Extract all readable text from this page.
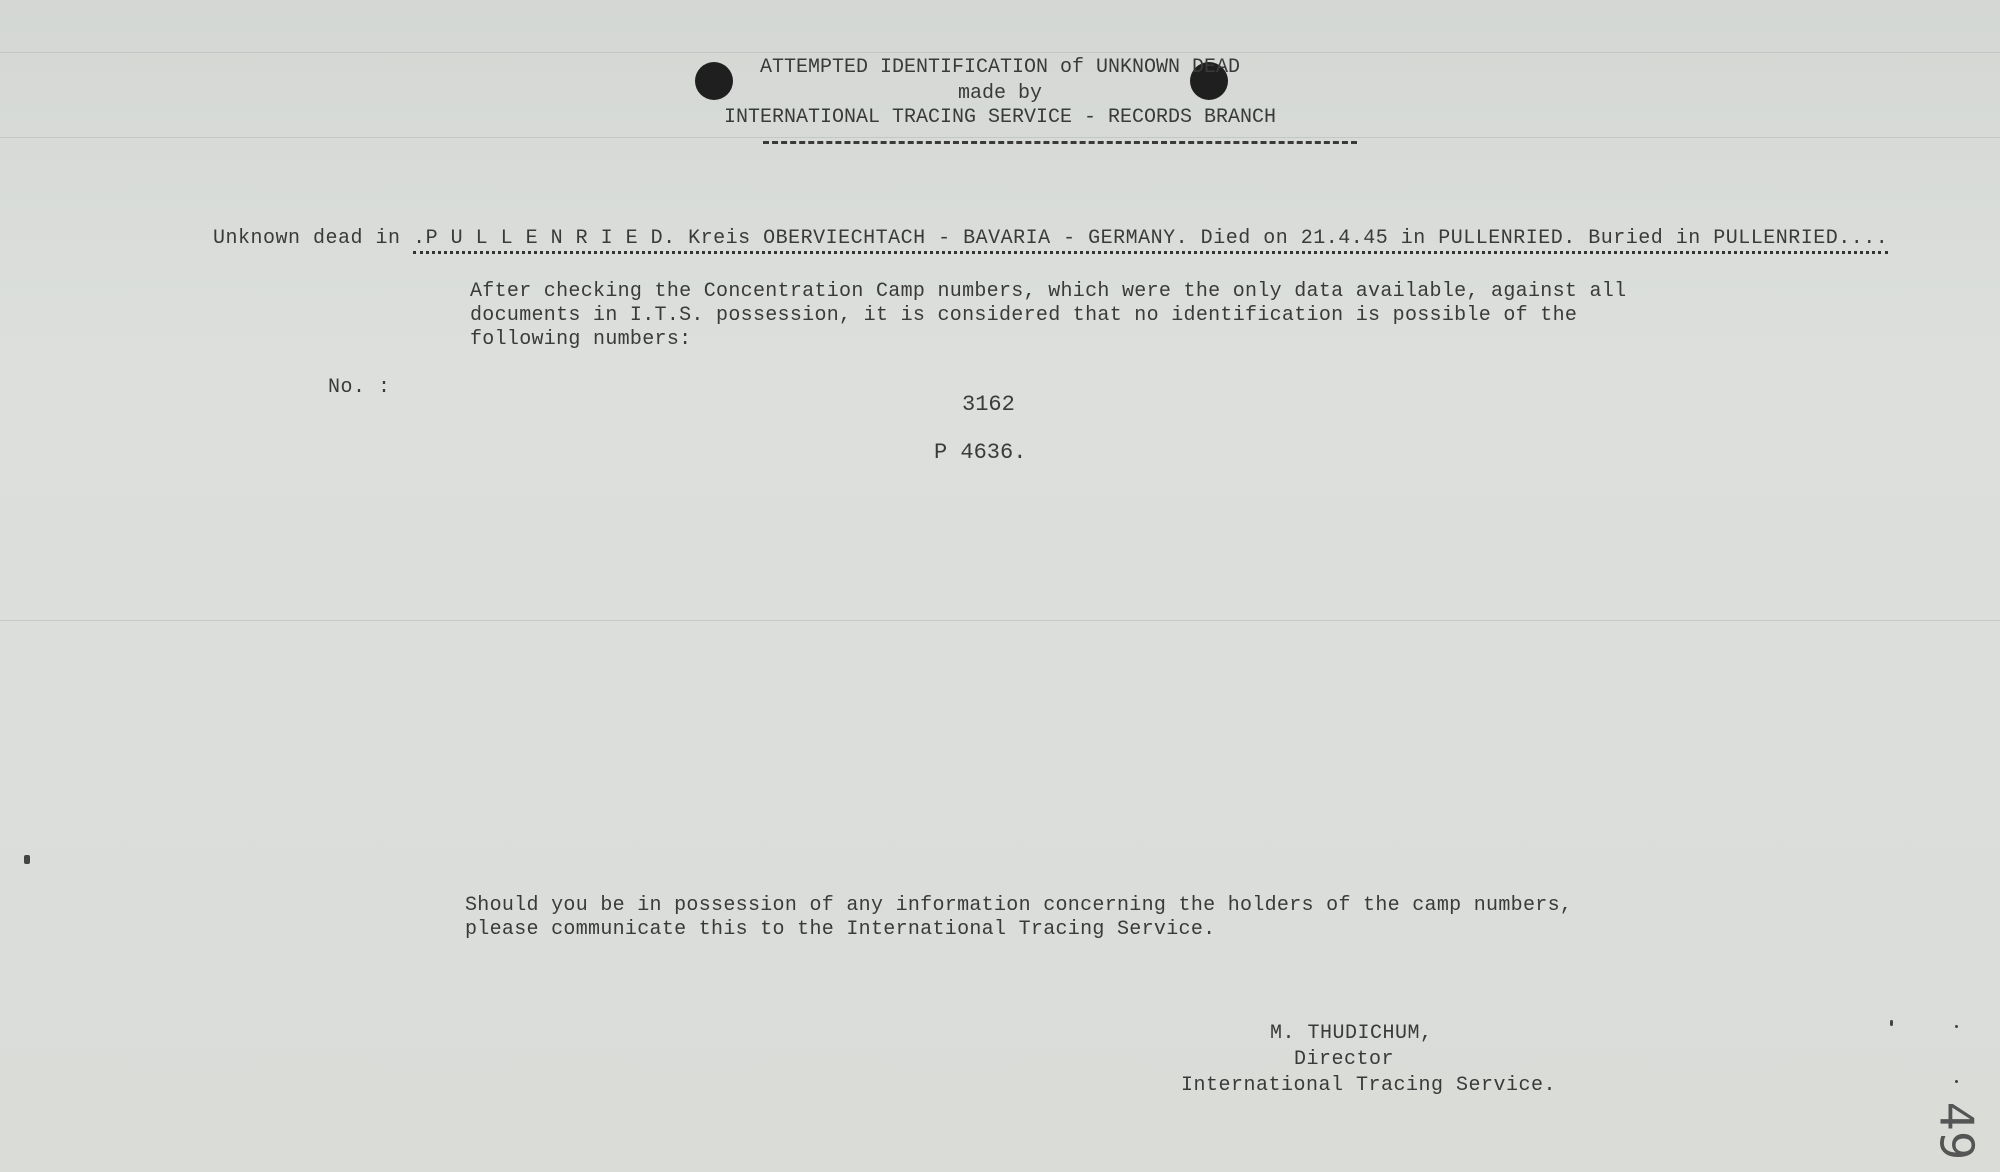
ATTEMPTED IDENTIFICATION of UNKNOWN DEAD
made by
INTERNATIONAL TRACING SERVICE - RECORDS BRANCH

Unknown dead in .P U L L E N R I E D. Kreis OBERVIECHTACH - BAVARIA - GERMANY. Died on 21.4.45 in PULLENRIED. Buried in PULLENRIED....

After checking the Concentration Camp numbers, which were the only data available, against all
documents in I.T.S. possession, it is considered that no identification is possible of the
following numbers:
No. :
3162
P 4636.
Should you be in possession of any information concerning the holders of the camp numbers,
please communicate this to the International Tracing Service.
M. THUDICHUM,
Director
International Tracing Service.
49
